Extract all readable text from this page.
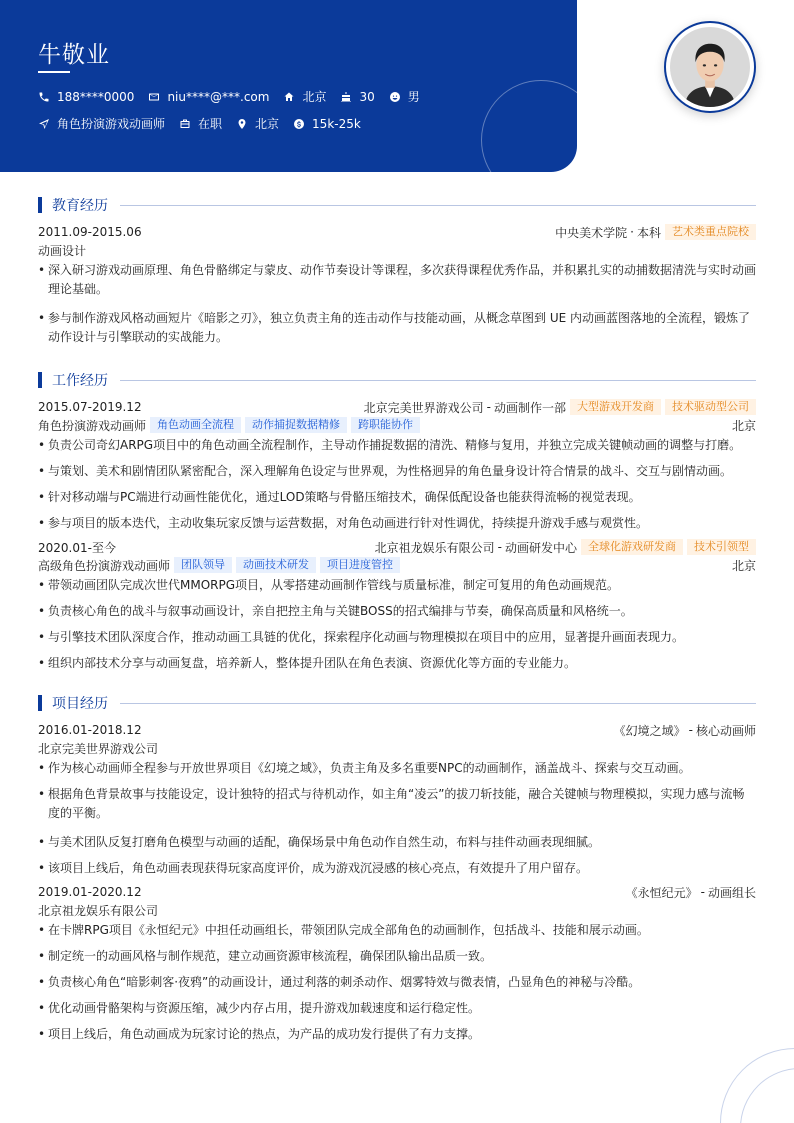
牛敬业
188****0000	niu****@***.com	北京	30	男
角色扮演游戏动画师	在职	北京	15k-25k
教育经历
2011.09-2015.06	中央美术学院 · 本科	艺术类重点院校
动画设计
• 深入研习游戏动画原理、角色骨骼绑定与蒙皮、动作节奏设计等课程，多次获得课程优秀作品，并积累扎实的动捕数据清洗与实时动画理论基础。
• 参与制作游戏风格动画短片《暗影之刃》，独立负责主角的连击动作与技能动画，从概念草图到 UE 内动画蓝图落地的全流程，锻炼了动作设计与引擎联动的实战能力。
工作经历
2015.07-2019.12	北京完美世界游戏公司 - 动画制作一部	大型游戏开发商	技术驱动型公司
角色扮演游戏动画师	角色动画全流程	动作捕捉数据精修	跨职能协作	北京
• 负责公司奇幻ARPG项目中的角色动画全流程制作，主导动作捕捉数据的清洗、精修与复用，并独立完成关键帧动画的调整与打磨。
• 与策划、美术和剧情团队紧密配合，深入理解角色设定与世界观，为性格迥异的角色量身设计符合情景的战斗、交互与剧情动画。
• 针对移动端与PC端进行动画性能优化，通过LOD策略与骨骼压缩技术，确保低配设备也能获得流畅的视觉表现。
• 参与项目的版本迭代，主动收集玩家反馈与运营数据，对角色动画进行针对性调优，持续提升游戏手感与观赏性。
2020.01-至今	北京祖龙娱乐有限公司 - 动画研发中心	全球化游戏研发商	技术引领型
高级角色扮演游戏动画师	团队领导	动画技术研发	项目进度管控	北京
• 带领动画团队完成次世代MMORPG项目，从零搭建动画制作管线与质量标准，制定可复用的角色动画规范。
• 负责核心角色的战斗与叙事动画设计，亲自把控主角与关键BOSS的招式编排与节奏，确保高质量和风格统一。
• 与引擎技术团队深度合作，推动动画工具链的优化，探索程序化动画与物理模拟在项目中的应用，显著提升画面表现力。
• 组织内部技术分享与动画复盘，培养新人，整体提升团队在角色表演、资源优化等方面的专业能力。
项目经历
2016.01-2018.12	《幻境之域》 - 核心动画师
北京完美世界游戏公司
• 作为核心动画师全程参与开放世界项目《幻境之域》，负责主角及多名重要NPC的动画制作，涵盖战斗、探索与交互动画。
• 根据角色背景故事与技能设定，设计独特的招式与待机动作，如主角“凌云”的拔刀斩技能，融合关键帧与物理模拟，实现力感与流畅度的平衡。
• 与美术团队反复打磨角色模型与动画的适配，确保场景中角色动作自然生动，布料与挂件动画表现细腻。
• 该项目上线后，角色动画表现获得玩家高度评价，成为游戏沉浸感的核心亮点，有效提升了用户留存。
2019.01-2020.12	《永恒纪元》 - 动画组长
北京祖龙娱乐有限公司
• 在卡牌RPG项目《永恒纪元》中担任动画组长，带领团队完成全部角色的动画制作，包括战斗、技能和展示动画。
• 制定统一的动画风格与制作规范，建立动画资源审核流程，确保团队输出品质一致。
• 负责核心角色“暗影刺客·夜鸦”的动画设计，通过利落的刺杀动作、烟雾特效与微表情，凸显角色的神秘与冷酷。
• 优化动画骨骼架构与资源压缩，减少内存占用，提升游戏加载速度和运行稳定性。
• 项目上线后，角色动画成为玩家讨论的热点，为产品的成功发行提供了有力支撑。
